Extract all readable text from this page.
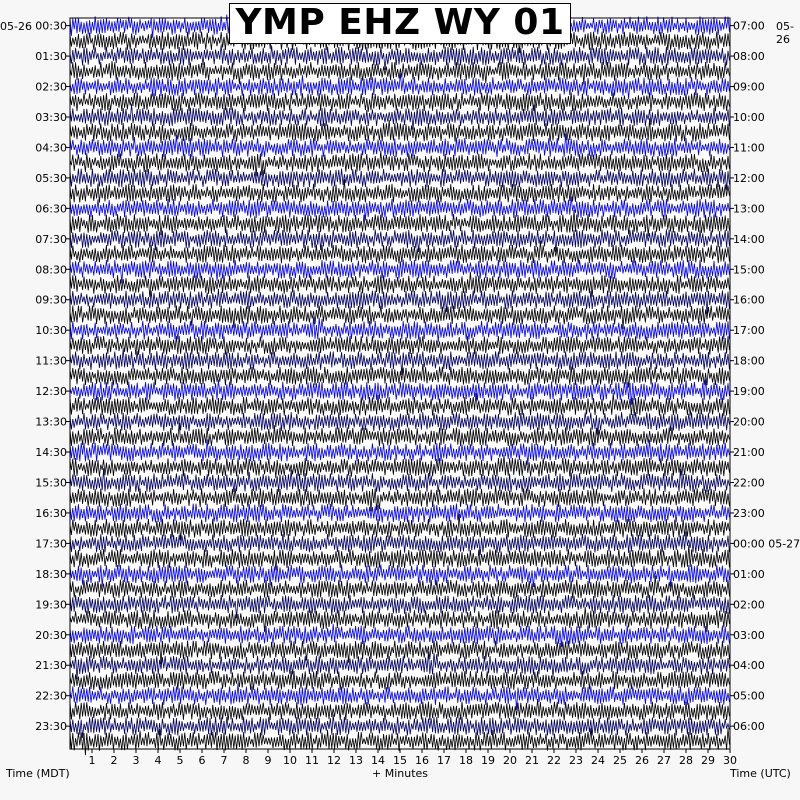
00:30
01:30
02:30
03:30
04:30
05:30
06:30
07:30
08:30
09:30
10:30
11:30
12:30
13:30
14:30
15:30
16:30
17:30
18:30
19:30
20:30
21:30
22:30
23:30
07:00
08:00
09:00
10:00
11:00
12:00
13:00
14:00
15:00
16:00
17:00
18:00
19:00
20:00
21:00
22:00
23:00
00:00 05-27
01:00
02:00
03:00
04:00
05:00
06:00
1 2 3 4 5 6 7 8 9 10 11 12 13 14 15 16 17 18 19 20 21 22 23 24 25 26 27 28 29 30
YMP EHZ WY 01
05-26	05-26
Time (MDT)	+ Minutes	Time (UTC)
